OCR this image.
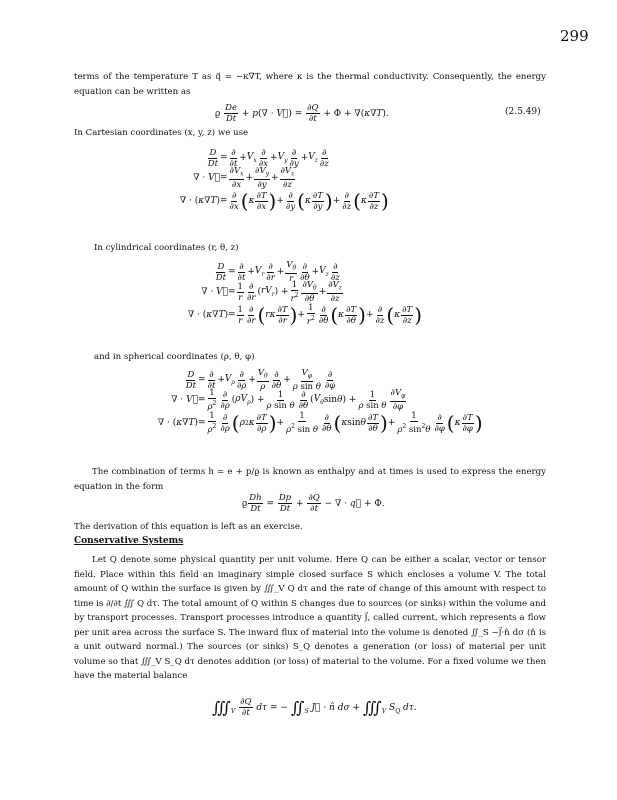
299
terms of the temperature T as q⃗ = −κ∇T, where κ is the thermal conductivity. Consequently, the energy equation can be written as
ϱ $\frac{De}{Dt} + p(\nabla$ · V⃗) = $\frac{\partial Q}{\partial t} + \Phi + \nabla(\kappa\nabla T)$.	(2.5.49)
In Cartesian coordinates (x, y, z) we use
$\frac{D}{Dt} = \frac{\partial}{\partial t} + V_x \frac{\partial}{\partial x} + V_y \frac{\partial}{\partial y} + V_z \frac{\partial}{\partial z}$
∇ · V⃗ = $\frac{\partial V_x}{\partial x} + \frac{\partial V_y}{\partial y} + \frac{\partial V_z}{\partial z}$
∇ · $(\kappa\nabla T) = \frac{\partial}{\partial x}$ ( κ $\frac{\partial T}{\partial x}$ ) + $\frac{\partial}{\partial y}$ ( κ $\frac{\partial T}{\partial y}$ ) + $\frac{\partial}{\partial z}$ ( κ $\frac{\partial T}{\partial z}$ )
In cylindrical coordinates (r, θ, z)
$\frac{D}{Dt} = \frac{\partial}{\partial t} + V_r \frac{\partial}{\partial r} + \frac{V_\theta}{r} \frac{\partial}{\partial\theta} + V_z \frac{\partial}{\partial z}$
∇ · V⃗ = $\frac{1}{r} \frac{\partial}{\partial r}$ ( $rV_r$ ) + $\frac{1}{r^2} \frac{\partial V_\theta}{\partial\theta} + \frac{\partial V_z}{\partial z}$
∇ · $(\kappa\nabla T) = \frac{1}{r} \frac{\partial}{\partial r}$ ( rκ $\frac{\partial T}{\partial r}$ ) + $\frac{1}{r^2} \frac{\partial}{\partial\theta}$ ( κ $\frac{\partial T}{\partial\theta}$ ) + $\frac{\partial}{\partial z}$ ( κ $\frac{\partial T}{\partial z}$ )
and in spherical coordinates (ρ, θ, φ)
$\frac{D}{Dt} = \frac{\partial}{\partial t} + V_\rho \frac{\partial}{\partial\rho} + \frac{V_\theta}{\rho} \frac{\partial}{\partial\theta} + \frac{V_\varphi}{\text{ρ sin θ}} \frac{\partial}{\partial\varphi}$
∇ · V⃗ = $\frac{1}{\rho^2} \frac{\partial}{\partial\rho}$ ( $\rho V_\rho$ ) + $\frac{1}{\text{ρ sin θ}} \frac{\partial}{\partial\theta}$ ( $V_\theta$ sin θ ) + $\frac{1}{\text{ρ sin θ}} \frac{\partial V_\varphi}{\partial\varphi}$
∇ · $(\kappa\nabla T) = \frac{1}{\rho^2} \frac{\partial}{\partial\rho}$ ( ρ 2 κ $\frac{\partial T}{\partial\rho}$ ) + $\frac{1}{\rho^2 \sin \theta} \frac{\partial}{\partial\theta}$ ( κ sin θ $\frac{\partial T}{\partial\theta}$ ) + $\frac{1}{\rho^2 \sin^2\theta} \frac{\partial}{\partial\varphi}$ ( κ $\frac{\partial T}{\partial\varphi}$ )
The combination of terms h = e + p/ϱ is known as enthalpy and at times is used to express the energy equation in the form
ϱ $\frac{Dh}{Dt} = \frac{Dp}{Dt} + \frac{\partial Q}{\partial t}$ − ∇ · q⃗ + Φ.
The derivation of this equation is left as an exercise.
Conservative Systems
Let Q denote some physical quantity per unit volume. Here Q can be either a scalar, vector or tensor field. Place within this field an imaginary simple closed surface S which encloses a volume V. The total amount of Q within the surface is given by ∭_V Q dτ and the rate of change of this amount with respect to time is ∂/∂t ∭ Q dτ. The total amount of Q within S changes due to sources (or sinks) within the volume and by transport processes. Transport processes introduce a quantity J⃗, called current, which represents a flow per unit area across the surface S. The inward flux of material into the volume is denoted ∬_S −J⃗·n̂ dσ (n̂ is a unit outward normal.) The sources (or sinks) S_Q denotes a generation (or loss) of material per unit volume so that ∭_V S_Q dτ denotes addition (or loss) of material to the volume. For a fixed volume we then have the material balance
$∭_V \frac{\partial Q}{\partial t}$ dτ = − $∬_S$ J⃗ · n̂ $d\sigma + ∭_V$ $S_Q$ dτ.
